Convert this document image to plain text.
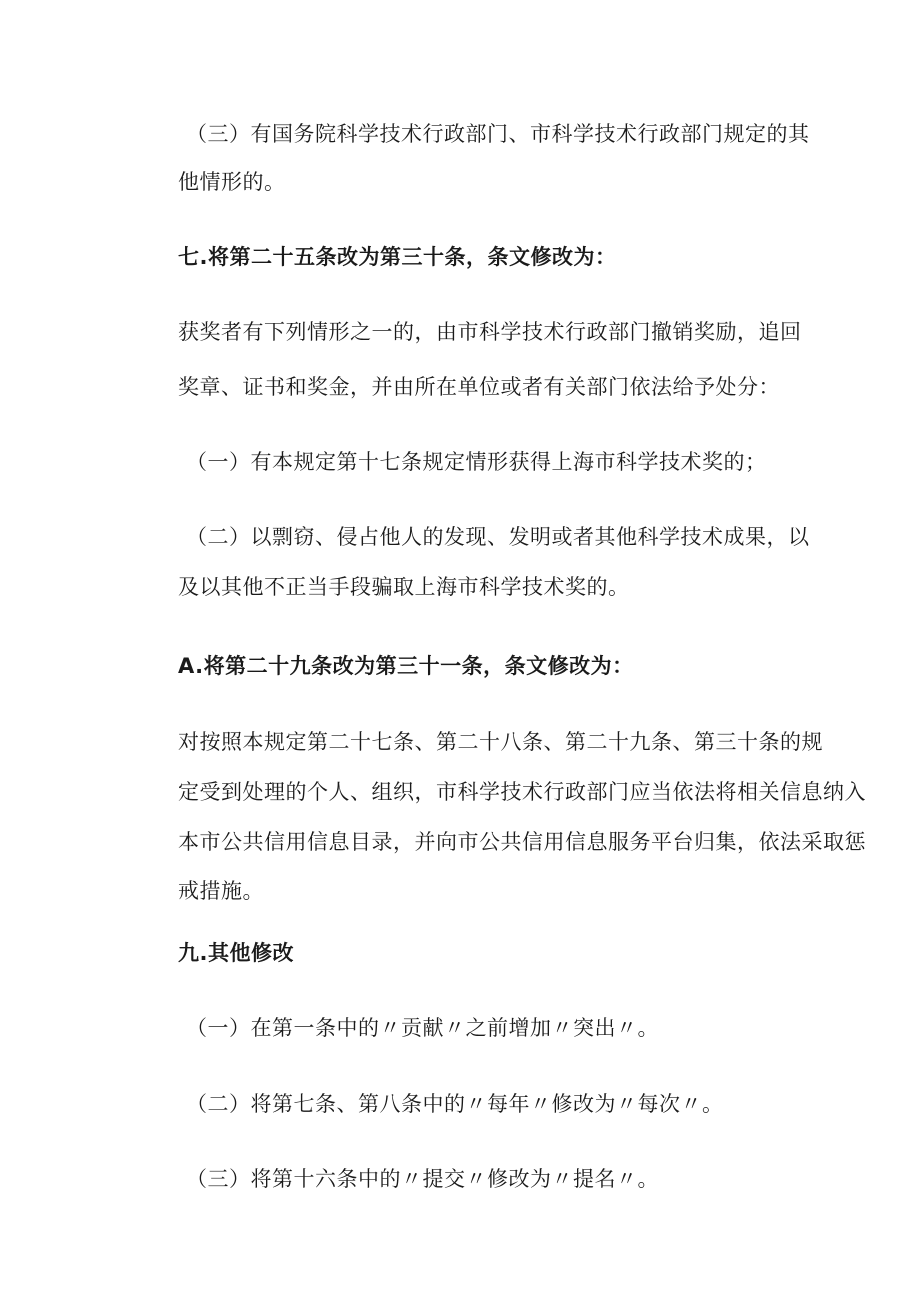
（三）有国务院科学技术行政部门、市科学技术行政部门规定的其
他情形的。
七.将第二十五条改为第三十条，条文修改为：
获奖者有下列情形之一的，由市科学技术行政部门撤销奖励，追回
奖章、证书和奖金，并由所在单位或者有关部门依法给予处分：
（一）有本规定第十七条规定情形获得上海市科学技术奖的；
（二）以剽窃、侵占他人的发现、发明或者其他科学技术成果，以
及以其他不正当手段骗取上海市科学技术奖的。
A.将第二十九条改为第三十一条，条文修改为：
对按照本规定第二十七条、第二十八条、第二十九条、第三十条的规
定受到处理的个人、组织，市科学技术行政部门应当依法将相关信息纳入
本市公共信用信息目录，并向市公共信用信息服务平台归集，依法采取惩
戒措施。
九.其他修改
（一）在第一条中的〃贡献〃之前增加〃突出〃。
（二）将第七条、第八条中的〃每年〃修改为〃每次〃。
（三）将第十六条中的〃提交〃修改为〃提名〃。
